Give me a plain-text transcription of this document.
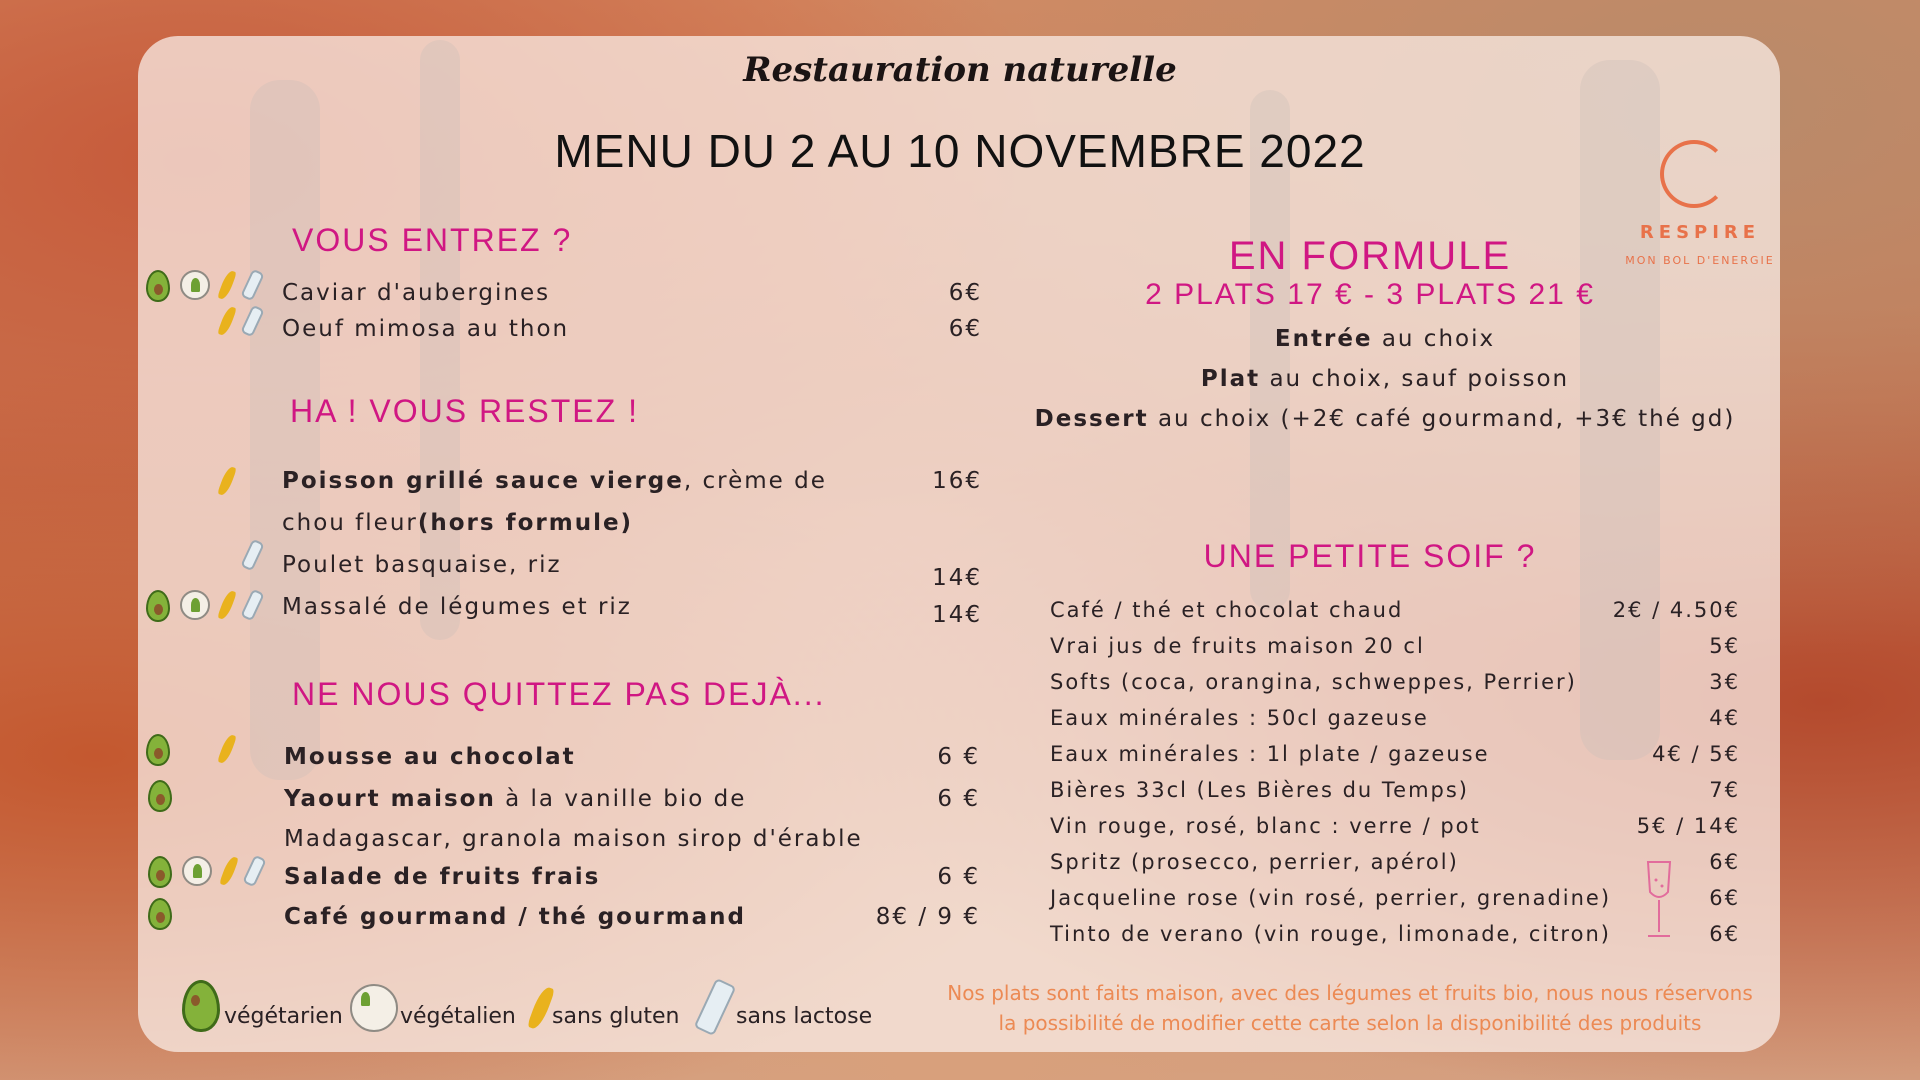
Restauration naturelle
MENU DU 2 AU 10 NOVEMBRE 2022
RESPIRE
MON BOL D'ENERGIE
VOUS ENTREZ ?
Caviar d'aubergines	6€
Oeuf mimosa au thon	6€
HA ! VOUS RESTEZ !
Poisson grillé sauce vierge, crème de
chou fleur(hors formule)
16€
Poulet basquaise, riz	14€
Massalé de légumes et riz	14€
NE NOUS QUITTEZ PAS DEJÀ...
Mousse au chocolat	6 €
Yaourt maison à la vanille bio de
Madagascar, granola maison sirop d'érable
6 €
Salade de fruits frais	6 €
Café gourmand / thé gourmand	8€ / 9 €
EN FORMULE
2 PLATS 17 € - 3 PLATS 21 €
Entrée au choix
Plat au choix, sauf poisson
Dessert au choix (+2€ café gourmand, +3€ thé gd)
UNE PETITE SOIF ?
Café / thé et chocolat chaud	2€ / 4.50€
Vrai jus de fruits maison 20 cl	5€
Softs (coca, orangina, schweppes, Perrier)	3€
Eaux minérales : 50cl gazeuse	4€
Eaux minérales : 1l plate / gazeuse	4€ / 5€
Bières 33cl (Les Bières du Temps)	7€
Vin rouge, rosé, blanc : verre / pot	5€ / 14€
Spritz (prosecco, perrier, apérol)	6€
Jacqueline rose (vin rosé, perrier, grenadine)	6€
Tinto de verano (vin rouge, limonade, citron)	6€
végétarien	végétalien sans gluten	sans lactose
Nos plats sont faits maison, avec des légumes et fruits bio, nous nous réservons
la possibilité de modifier cette carte selon la disponibilité des produits
